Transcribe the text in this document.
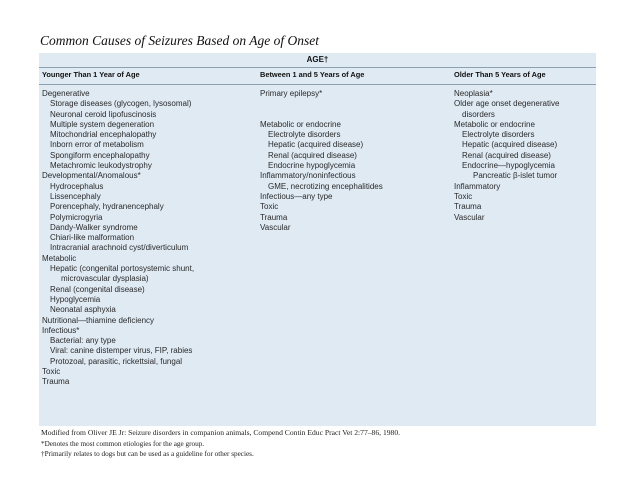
Common Causes of Seizures Based on Age of Onset
AGE†
Younger Than 1 Year of Age	Between 1 and 5 Years of Age	Older Than 5 Years of Age
Degenerative
Storage diseases (glycogen, lysosomal)
Neuronal ceroid lipofuscinosis
Multiple system degeneration
Mitochondrial encephalopathy
Inborn error of metabolism
Spongiform encephalopathy
Metachromic leukodystrophy
Developmental/Anomalous*
Hydrocephalus
Lissencephaly
Porencephaly, hydranencephaly
Polymicrogyria
Dandy-Walker syndrome
Chiari-like malformation
Intracranial arachnoid cyst/diverticulum
Metabolic
Hepatic (congenital portosystemic shunt,
microvascular dysplasia)
Renal (congenital disease)
Hypoglycemia
Neonatal asphyxia
Nutritional—thiamine deficiency
Infectious*
Bacterial: any type
Viral: canine distemper virus, FIP, rabies
Protozoal, parasitic, rickettsial, fungal
Toxic
Trauma
Primary epilepsy*

Metabolic or endocrine
Electrolyte disorders
Hepatic (acquired disease)
Renal (acquired disease)
Endocrine hypoglycemia
Inflammatory/noninfectious
GME, necrotizing encephalitides
Infectious—any type
Toxic
Trauma
Vascular
Neoplasia*
Older age onset degenerative
disorders
Metabolic or endocrine
Electrolyte disorders
Hepatic (acquired disease)
Renal (acquired disease)
Endocrine—hypoglycemia
Pancreatic β-islet tumor
Inflammatory
Toxic
Trauma
Vascular
Modified from Oliver JE Jr: Seizure disorders in companion animals, Compend Contin Educ Pract Vet 2:77–86, 1980.
*Denotes the most common etiologies for the age group.
†Primarily relates to dogs but can be used as a guideline for other species.
